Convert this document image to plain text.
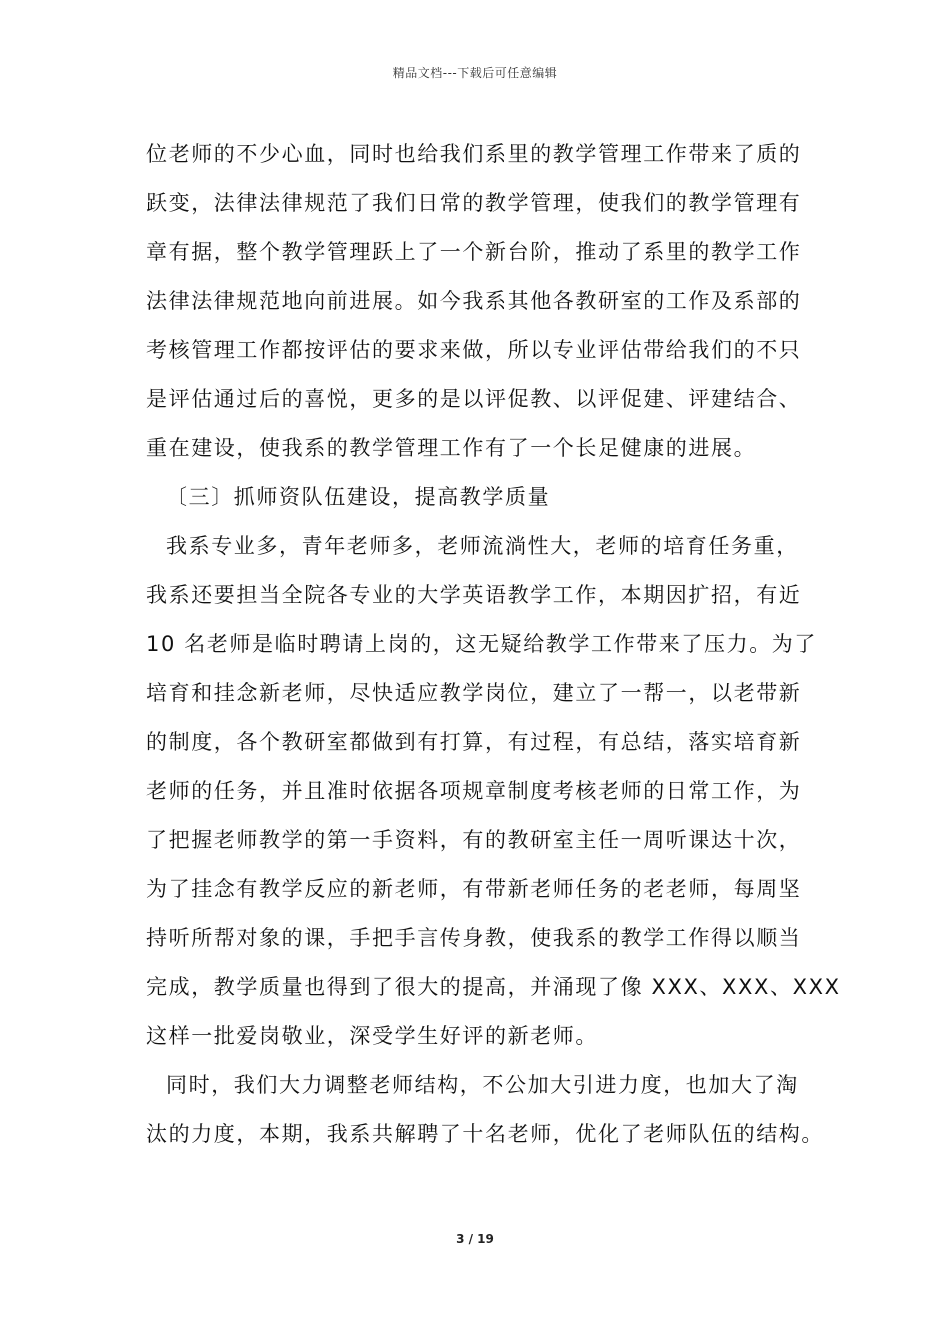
精品文档---下载后可任意编辑
位老师的不少心血，同时也给我们系里的教学管理工作带来了质的
跃变，法律法律规范了我们日常的教学管理，使我们的教学管理有
章有据，整个教学管理跃上了一个新台阶，推动了系里的教学工作
法律法律规范地向前进展。如今我系其他各教研室的工作及系部的
考核管理工作都按评估的要求来做，所以专业评估带给我们的不只
是评估通过后的喜悦，更多的是以评促教、以评促建、评建结合、
重在建设，使我系的教学管理工作有了一个长足健康的进展。
〔三〕抓师资队伍建设，提高教学质量
我系专业多，青年老师多，老师流淌性大，老师的培育任务重，
我系还要担当全院各专业的大学英语教学工作，本期因扩招，有近
10 名老师是临时聘请上岗的，这无疑给教学工作带来了压力。为了
培育和挂念新老师，尽快适应教学岗位，建立了一帮一，以老带新
的制度，各个教研室都做到有打算，有过程，有总结，落实培育新
老师的任务，并且准时依据各项规章制度考核老师的日常工作，为
了把握老师教学的第一手资料，有的教研室主任一周听课达十次，
为了挂念有教学反应的新老师，有带新老师任务的老老师，每周坚
持听所帮对象的课，手把手言传身教，使我系的教学工作得以顺当
完成，教学质量也得到了很大的提高，并涌现了像 XXX、XXX、XXX
这样一批爱岗敬业，深受学生好评的新老师。
同时，我们大力调整老师结构，不公加大引进力度，也加大了淘
汰的力度，本期，我系共解聘了十名老师，优化了老师队伍的结构。
3 / 19
